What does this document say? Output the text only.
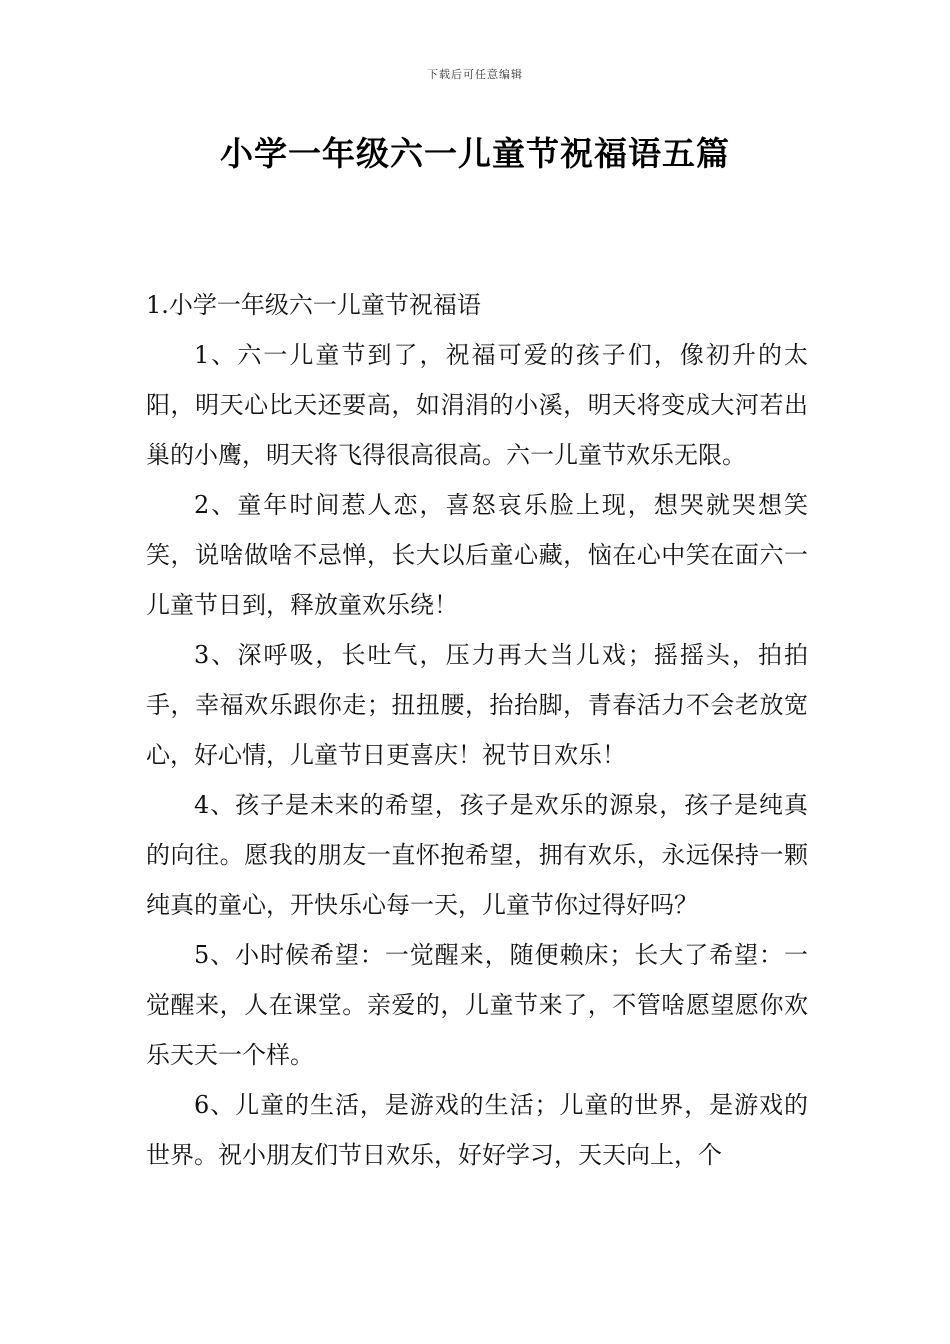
下载后可任意编辑
小学一年级六一儿童节祝福语五篇

1.小学一年级六一儿童节祝福语

1、六一儿童节到了，祝福可爱的孩子们，像初升的太阳，明天心比天还要高，如涓涓的小溪，明天将变成大河若出巢的小鹰，明天将飞得很高很高。六一儿童节欢乐无限。

2、童年时间惹人恋，喜怒哀乐脸上现，想哭就哭想笑笑，说啥做啥不忌惮，长大以后童心藏，恼在心中笑在面六一儿童节日到，释放童欢乐绕！

3、深呼吸，长吐气，压力再大当儿戏；摇摇头，拍拍手，幸福欢乐跟你走；扭扭腰，抬抬脚，青春活力不会老放宽心，好心情，儿童节日更喜庆！祝节日欢乐！

4、孩子是未来的希望，孩子是欢乐的源泉，孩子是纯真的向往。愿我的朋友一直怀抱希望，拥有欢乐，永远保持一颗纯真的童心，开快乐心每一天，儿童节你过得好吗？

5、小时候希望：一觉醒来，随便赖床；长大了希望：一觉醒来，人在课堂。亲爱的，儿童节来了，不管啥愿望愿你欢乐天天一个样。

6、儿童的生活，是游戏的生活；儿童的世界，是游戏的世界。祝小朋友们节日欢乐，好好学习，天天向上，个
